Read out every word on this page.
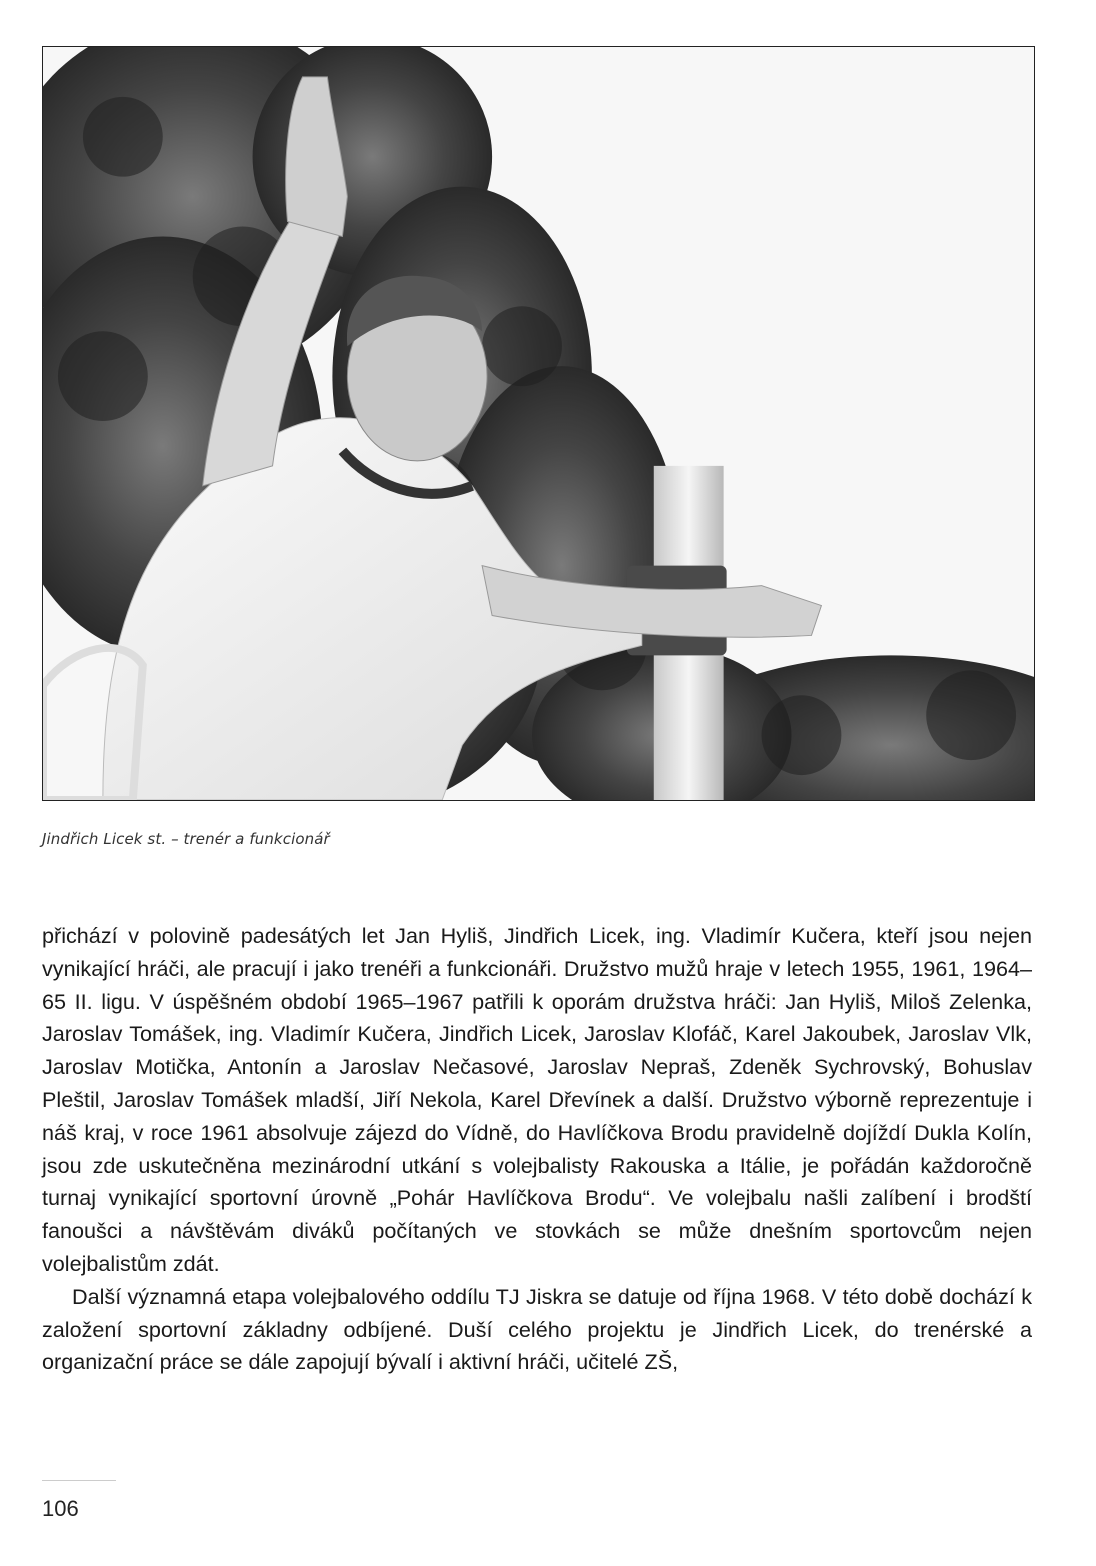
Jindřich Licek st. – trenér a funkcionář

přichází v polovině padesátých let Jan Hyliš, Jindřich Licek, ing. Vladimír Kučera, kteří jsou nejen vynikající hráči, ale pracují i jako trenéři a funkcionáři. Družstvo mužů hraje v letech 1955, 1961, 1964–65 II. ligu. V úspěšném období 1965–1967 patřili k oporám družstva hráči: Jan Hyliš, Miloš Zelenka, Jaroslav Tomášek, ing. Vladimír Kučera, Jindřich Licek, Jaroslav Klofáč, Karel Jakoubek, Jaroslav Vlk, Jaroslav Motička, Antonín a Jaroslav Nečasové, Jaroslav Nepraš, Zdeněk Sychrovský, Bohuslav Pleštil, Jaroslav Tomášek mladší, Jiří Nekola, Karel Dřevínek a další. Družstvo výborně reprezentuje i náš kraj, v roce 1961 absolvuje zájezd do Vídně, do Havlíčkova Brodu pravidelně dojíždí Dukla Kolín, jsou zde uskutečněna mezinárodní utkání s volejbalisty Rakouska a Itálie, je pořádán každoročně turnaj vynikající sportovní úrovně „Pohár Havlíčkova Brodu“. Ve volejbalu našli zalíbení i brodští fanoušci a návštěvám diváků počítaných ve stovkách se může dnešním sportovcům nejen volejbalistům zdát.

Další významná etapa volejbalového oddílu TJ Jiskra se datuje od října 1968. V této době dochází k založení sportovní základny odbíjené. Duší celého projektu je Jindřich Licek, do trenérské a organizační práce se dále zapojují bývalí i aktivní hráči, učitelé ZŠ,

106
